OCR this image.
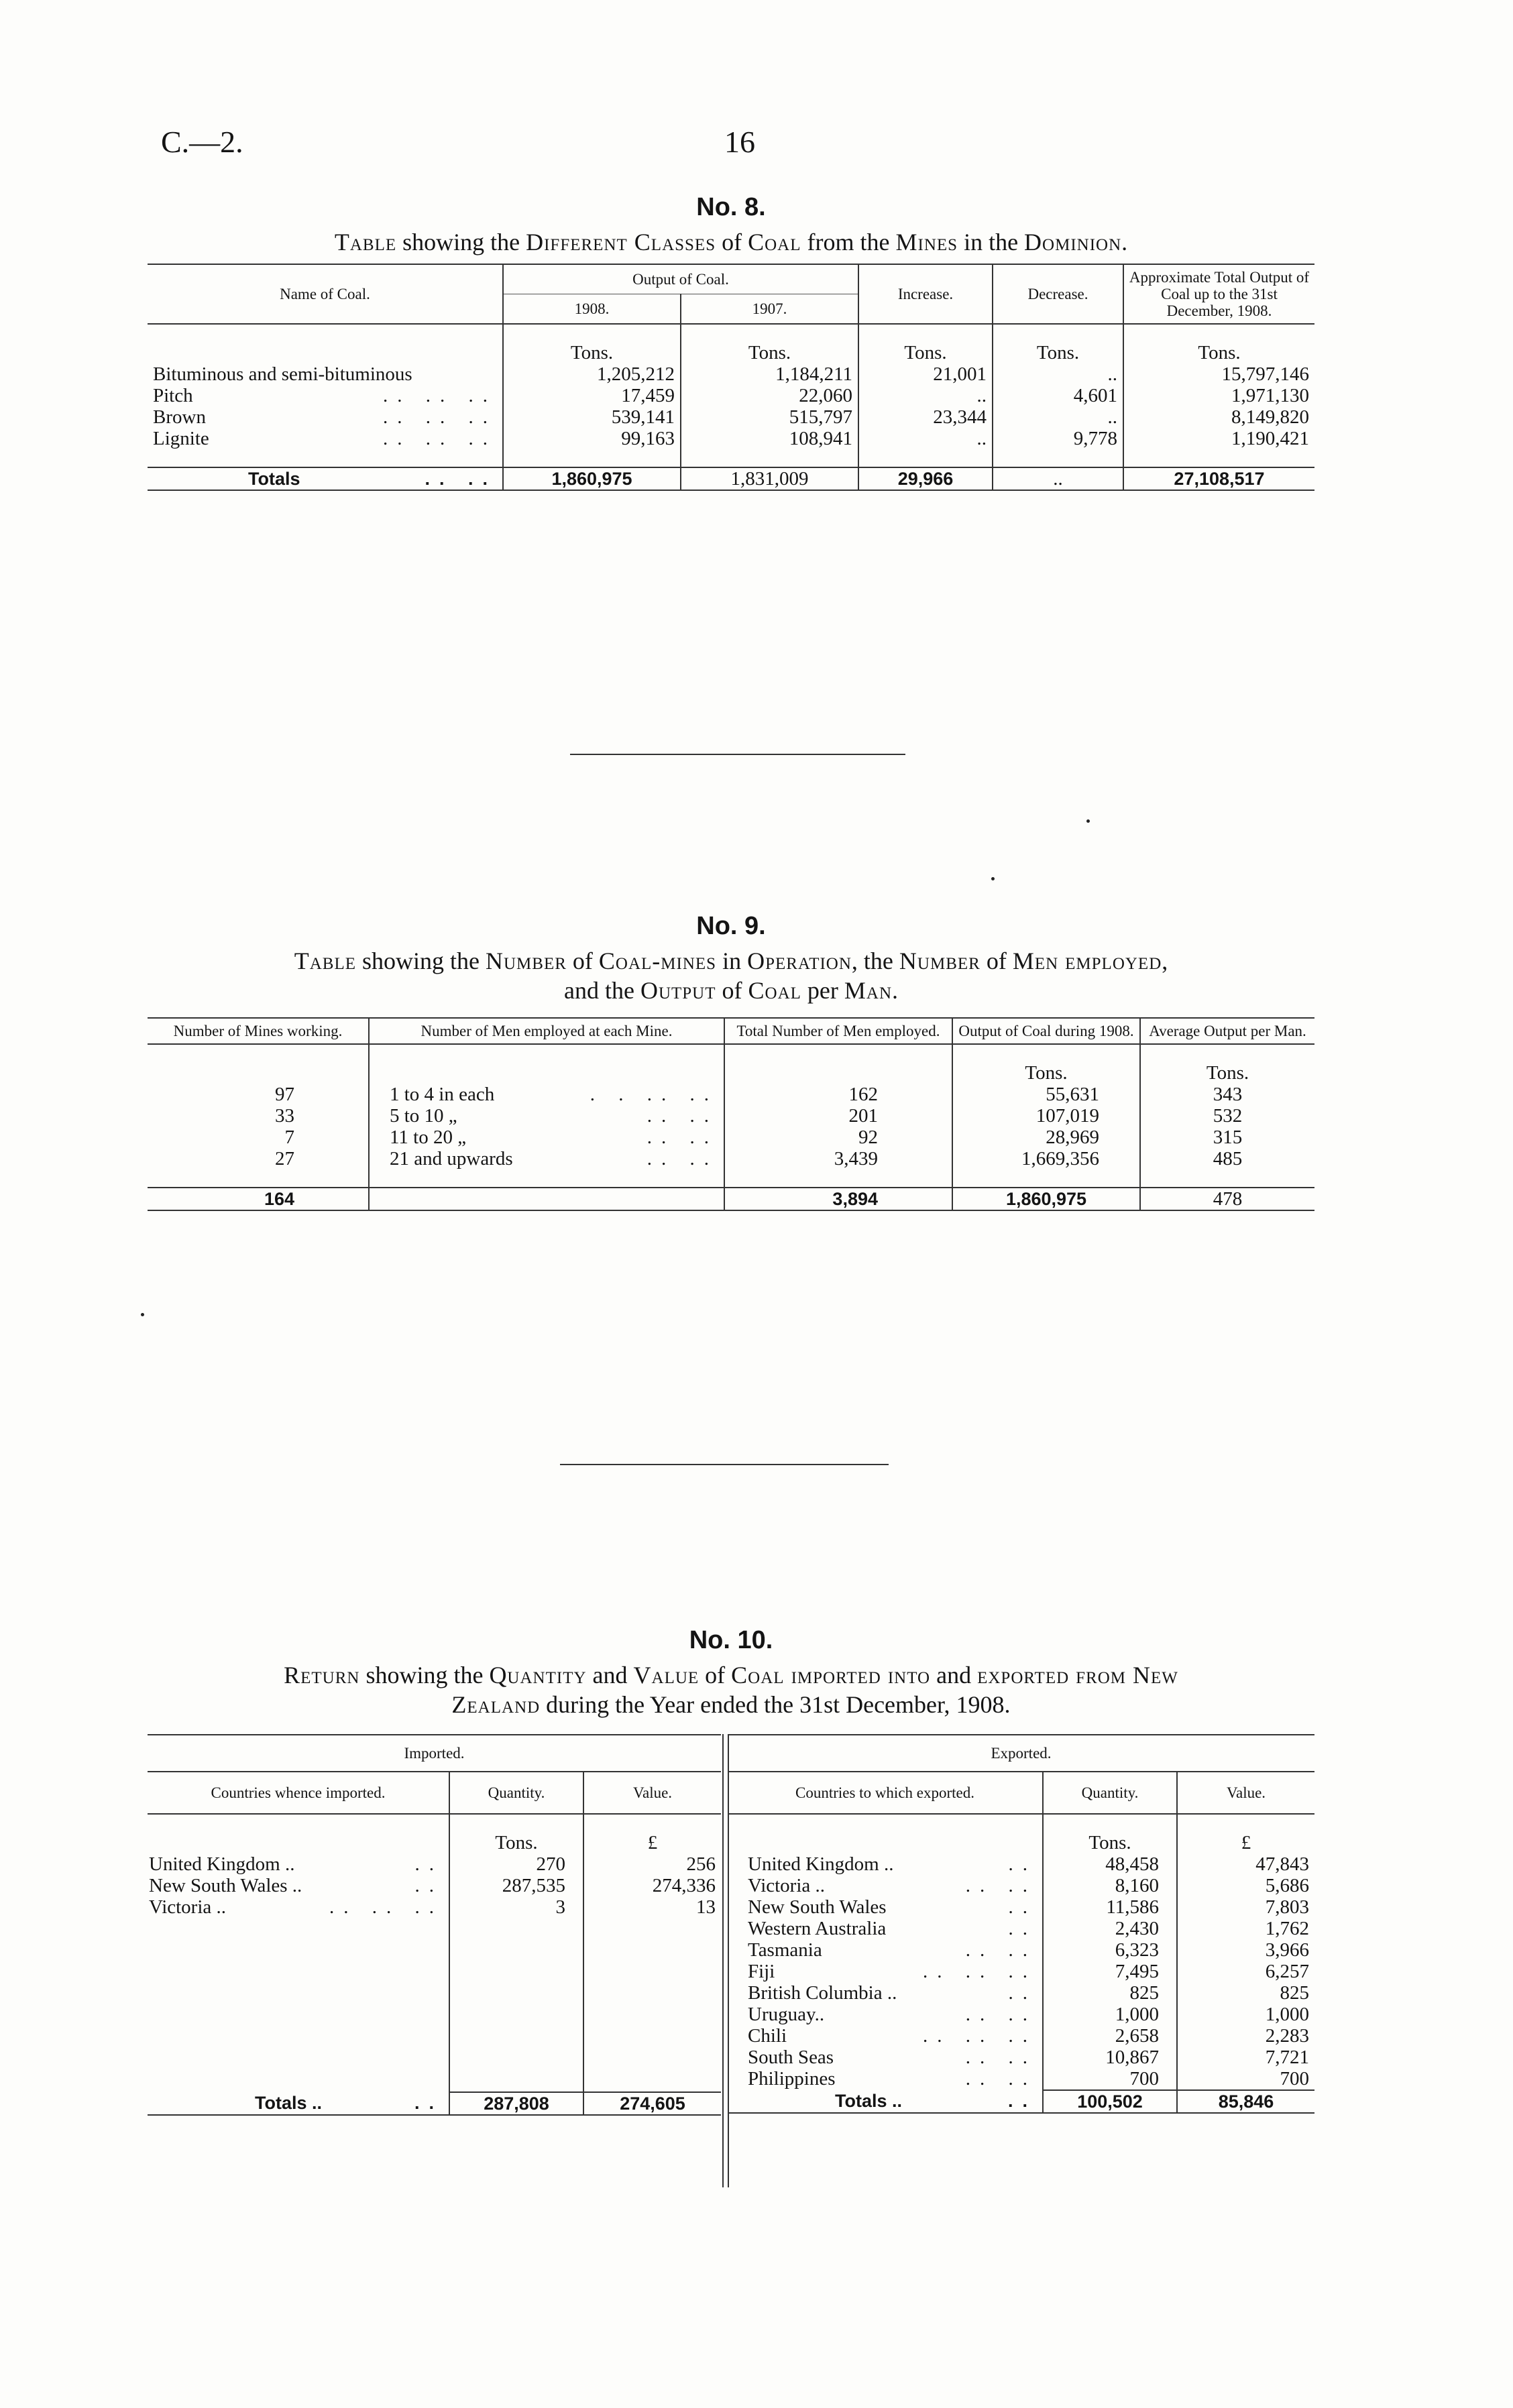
C.—2.	16
No. 8.
Table showing the Different Classes of Coal from the Mines in the Dominion.
Name of Coal.	Output of Coal.		Increase.	Decrease.	Approximate Total Output of Coal up to the 31st December, 1908.
	1908.	1907.			

	Tons.	Tons.	Tons.	Tons.	Tons.
Bituminous and semi-bituminous	1,205,212	1,184,211	21,001	..	15,797,146
Pitch .. .. ..	17,459	22,060	..	4,601	1,971,130
Brown .. .. ..	539,141	515,797	23,344	..	8,149,820
Lignite .. .. ..	99,163	108,941	..	9,778	1,190,421

Totals .. ..	1,860,975	1,831,009	29,966	..	27,108,517
No. 9.
Table showing the Number of Coal-mines in Operation, the Number of Men employed,
and the Output of Coal per Man.
Number of Mines working.	Number of Men employed at each Mine.	Total Number of Men employed.	Output of Coal during 1908.	Average Output per Man.

			Tons.	Tons.
97	1 to 4 in each . . .. ..	162	55,631	343
33	5 to 10 „ .. ..	201	107,019	532
7	11 to 20 „ .. ..	92	28,969	315
27	21 and upwards .. ..	3,439	1,669,356	485

164		3,894	1,860,975	478
No. 10.
Return showing the Quantity and Value of Coal imported into and exported from New
Zealand during the Year ended the 31st December, 1908.
Imported.		
Countries whence imported.	Quantity.	Value.

	Tons.	£
United Kingdom .. ..	270	256
New South Wales .. ..	287,535	274,336
Victoria .. .. .. ..	3	13

Totals .. ..	287,808	274,605
Exported.		
Countries to which exported.	Quantity.	Value.

	Tons.	£
United Kingdom .. ..	48,458	47,843
Victoria .. .. ..	8,160	5,686
New South Wales ..	11,586	7,803
Western Australia ..	2,430	1,762
Tasmania .. ..	6,323	3,966
Fiji .. .. ..	7,495	6,257
British Columbia .. ..	825	825
Uruguay.. .. ..	1,000	1,000
Chili .. .. ..	2,658	2,283
South Seas .. ..	10,867	7,721
Philippines .. ..	700	700
Totals .. ..	100,502	85,846
